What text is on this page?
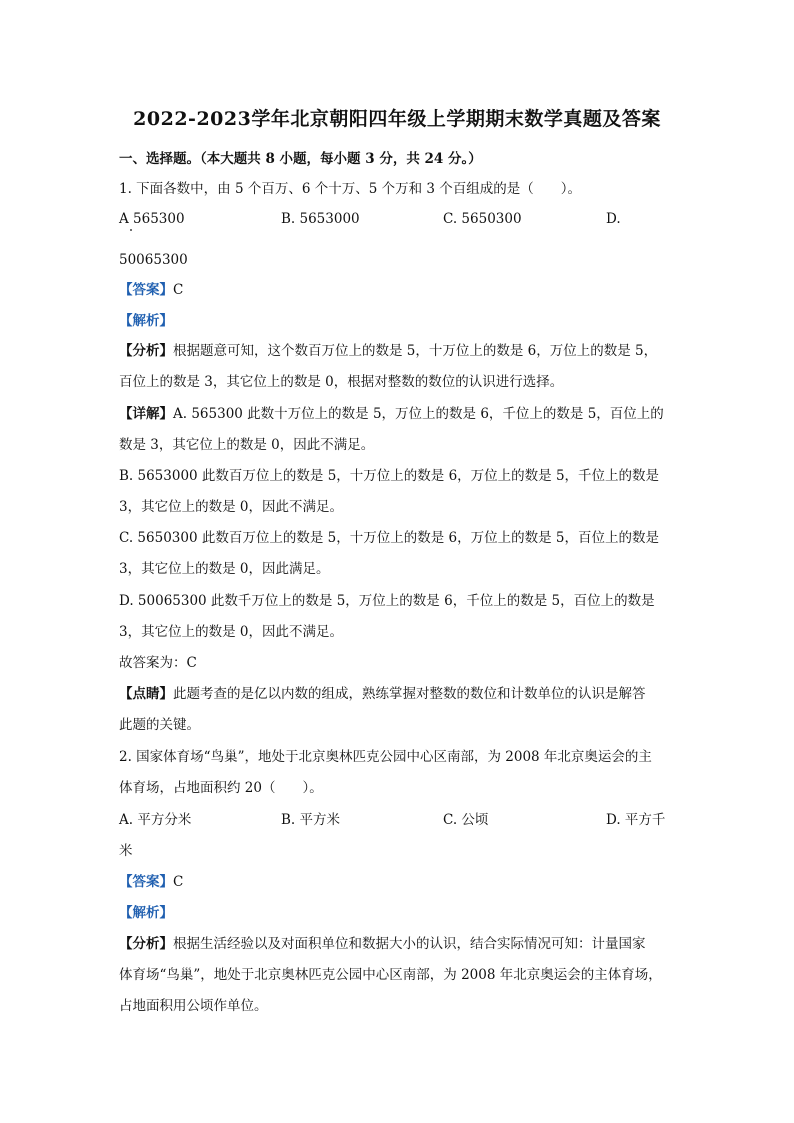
2022-2023学年北京朝阳四年级上学期期末数学真题及答案
一、选择题。（本大题共 8 小题，每小题 3 分，共 24 分。）
1. 下面各数中，由 5 个百万、6 个十万、5 个万和 3 个百组成的是（　　）。
A 565300	B. 5653000	C. 5650300	D.
50065300
【答案】C
【解析】
【分析】根据题意可知，这个数百万位上的数是 5，十万位上的数是 6，万位上的数是 5，
百位上的数是 3，其它位上的数是 0，根据对整数的数位的认识进行选择。
【详解】A. 565300 此数十万位上的数是 5，万位上的数是 6，千位上的数是 5，百位上的
数是 3，其它位上的数是 0，因此不满足。
B. 5653000 此数百万位上的数是 5，十万位上的数是 6，万位上的数是 5，千位上的数是
3，其它位上的数是 0，因此不满足。
C. 5650300 此数百万位上的数是 5，十万位上的数是 6，万位上的数是 5，百位上的数是
3，其它位上的数是 0，因此满足。
D. 50065300 此数千万位上的数是 5，万位上的数是 6，千位上的数是 5，百位上的数是
3，其它位上的数是 0，因此不满足。
故答案为：C
【点睛】此题考查的是亿以内数的组成，熟练掌握对整数的数位和计数单位的认识是解答
此题的关键。
2. 国家体育场“鸟巢”，地处于北京奥林匹克公园中心区南部，为 2008 年北京奥运会的主
体育场，占地面积约 20（　　）。
A. 平方分米	B. 平方米	C. 公顷	D. 平方千
米
【答案】C
【解析】
【分析】根据生活经验以及对面积单位和数据大小的认识，结合实际情况可知：计量国家
体育场“鸟巢”，地处于北京奥林匹克公园中心区南部，为 2008 年北京奥运会的主体育场，
占地面积用公顷作单位。
